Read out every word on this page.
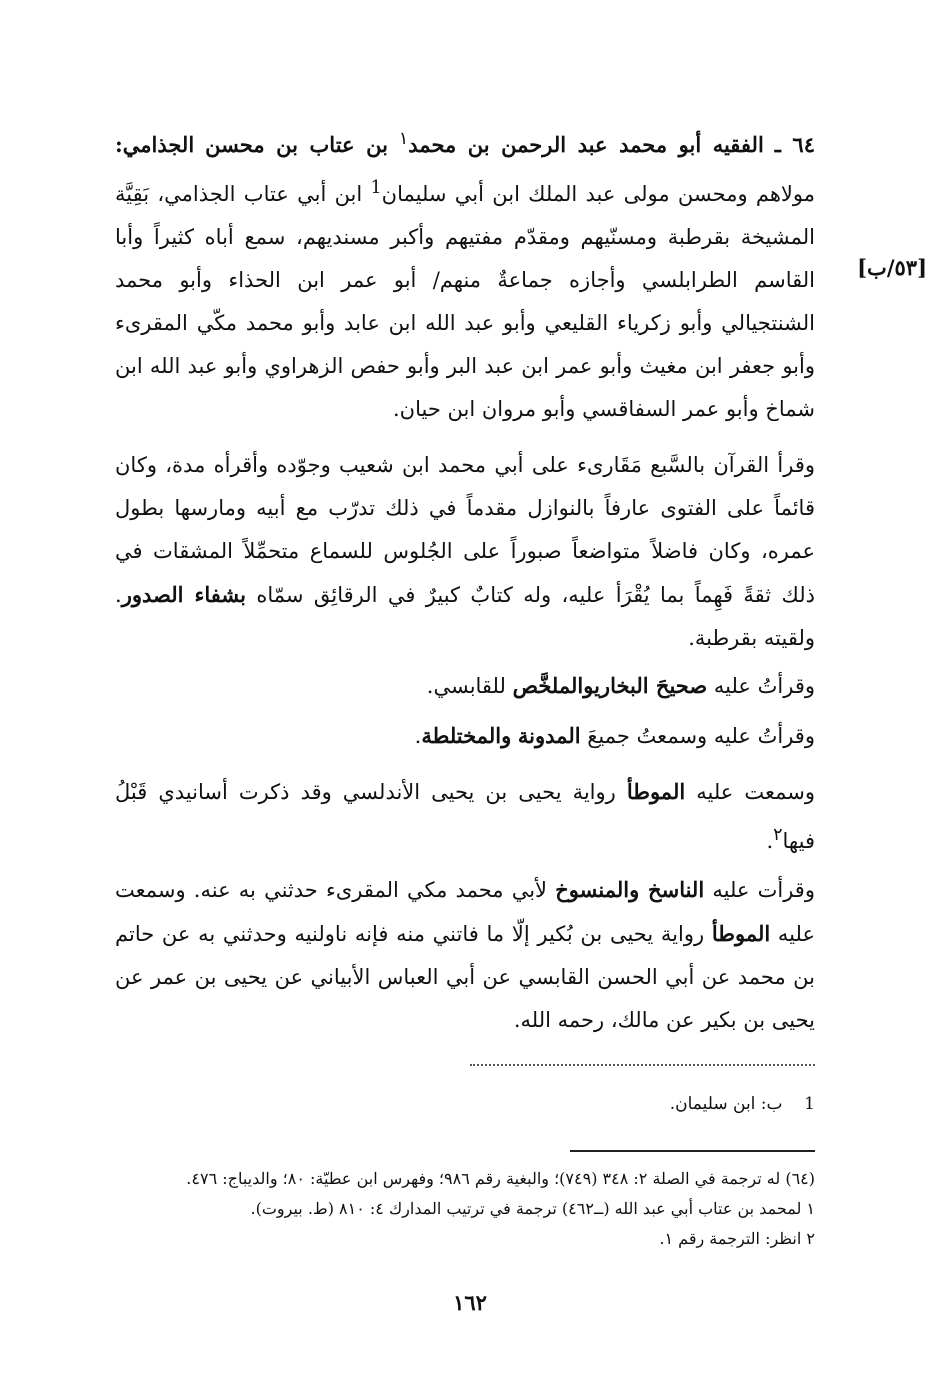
[٥٣/ب]
٦٤ ـ الفقيه أبو محمد عبد الرحمن بن محمد$^١$ بن عتاب بن محسن الجذامي: مولاهم ومحسن مولى عبد الملك ابن أبي سليمان$^1$ ابن أبي عتاب الجذامي، بَقِيَّة المشيخة بقرطبة ومسنّيهم ومقدّم مفتيهم وأكبر مسنديهم، سمع أباه كثيراً وأبا القاسم الطرابلسي وأجازه جماعةٌ منهم/ أبو عمر ابن الحذاء وأبو محمد الشنتجيالي وأبو زكرياء القليعي وأبو عبد الله ابن عابد وأبو محمد مكّي المقرىء وأبو جعفر ابن مغيث وأبو عمر ابن عبد البر وأبو حفص الزهراوي وأبو عبد الله ابن شماخ وأبو عمر السفاقسي وأبو مروان ابن حيان.
وقرأ القرآن بالسَّبع مَقَارىء على أبي محمد ابن شعيب وجوّده وأقرأه مدة، وكان قائماً على الفتوى عارفاً بالنوازل مقدماً في ذلك تدرّب مع أبيه ومارسها بطول عمره، وكان فاضلاً متواضعاً صبوراً على الجُلوس للسماع متحمِّلاً المشقات في ذلك ثقةً فَهِماً بما يُقْرَأ عليه، وله كتابٌ كبيرٌ في الرقائِق سمّاه بشفاء الصدور. ولقيته بقرطبة.
وقرأتُ عليه صحيحَ البخاريوالملخَّص للقابسي.
وقرأتُ عليه وسمعتُ جميعَ المدونة والمختلطة.
وسمعت عليه الموطأ رواية يحيى بن يحيى الأندلسي وقد ذكرت أسانيدي قَبْلُ فيها$^٢$.
وقرأت عليه الناسخ والمنسوخ لأبي محمد مكي المقرىء حدثني به عنه. وسمعت عليه الموطأ رواية يحيى بن بُكير إلّا ما فاتني منه فإنه ناولنيه وحدثني به عن حاتم بن محمد عن أبي الحسن القابسي عن أبي العباس الأبياني عن يحيى بن عمر عن يحيى بن بكير عن مالك، رحمه الله.
1    ب: ابن سليمان.
(٦٤) له ترجمة في الصلة ٢: ٣٤٨ (٧٤٩)؛ والبغية رقم ٩٨٦؛ وفهرس ابن عطيّة: ٨٠؛ والديباج: ٤٧٦.
١ لمحمد بن عتاب أبي عبد الله (ــ٤٦٢) ترجمة في ترتيب المدارك ٤: ٨١٠ (ط. بيروت).
٢ انظر: الترجمة رقم ١.
١٦٢
